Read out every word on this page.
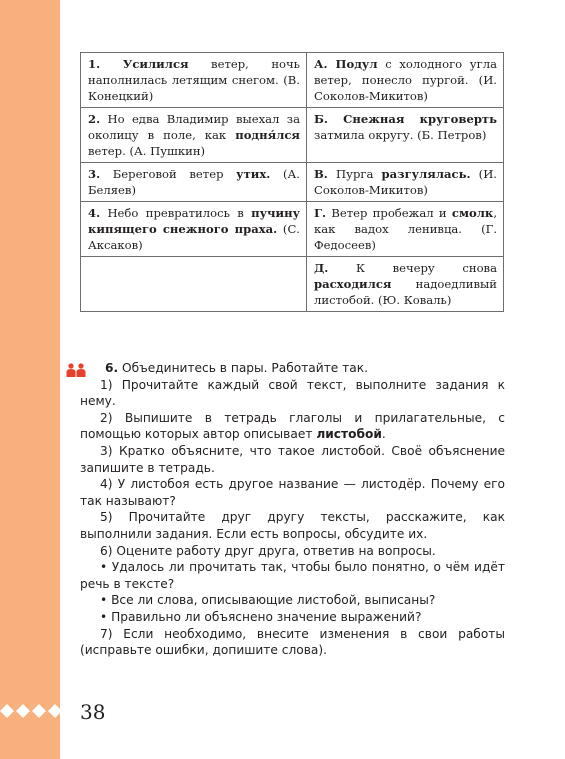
38
1. Усилился ветер, ночь наполнилась летящим снегом. (В. Конецкий)	А. Подул с холодного угла ветер, понесло пургой. (И. Соколов-Микитов)
2. Но едва Владимир выехал за околицу в поле, как подня́лся ветер. (А. Пушкин)	Б. Снежная круговерть затмила округу. (Б. Петров)
3. Береговой ветер утих. (А. Беляев)	В. Пурга разгулялась. (И. Соколов-Микитов)
4. Небо превратилось в пучину кипящего снежного праха. (С. Аксаков)	Г. Ветер пробежал и смолк, как вадох ленивца. (Г. Федосеев)
	Д. К вечеру снова расходился надоедливый листобой. (Ю. Коваль)

6. Объединитесь в пары. Работайте так.

1) Прочитайте каждый свой текст, выполните задания к нему.

2) Выпишите в тетрадь глаголы и прилагательные, с помощью которых автор описывает листобой.

3) Кратко объясните, что такое листобой. Своё объяснение запишите в тетрадь.

4) У листобоя есть другое название — листодёр. Почему его так называют?

5) Прочитайте друг другу тексты, расскажите, как выполнили задания. Если есть вопросы, обсудите их.

6) Оцените работу друг друга, ответив на вопросы.

• Удалось ли прочитать так, чтобы было понятно, о чём идёт речь в тексте?

• Все ли слова, описывающие листобой, выписаны?

• Правильно ли объяснено значение выражений?

7) Если необходимо, внесите изменения в свои работы (исправьте ошибки, допишите слова).
